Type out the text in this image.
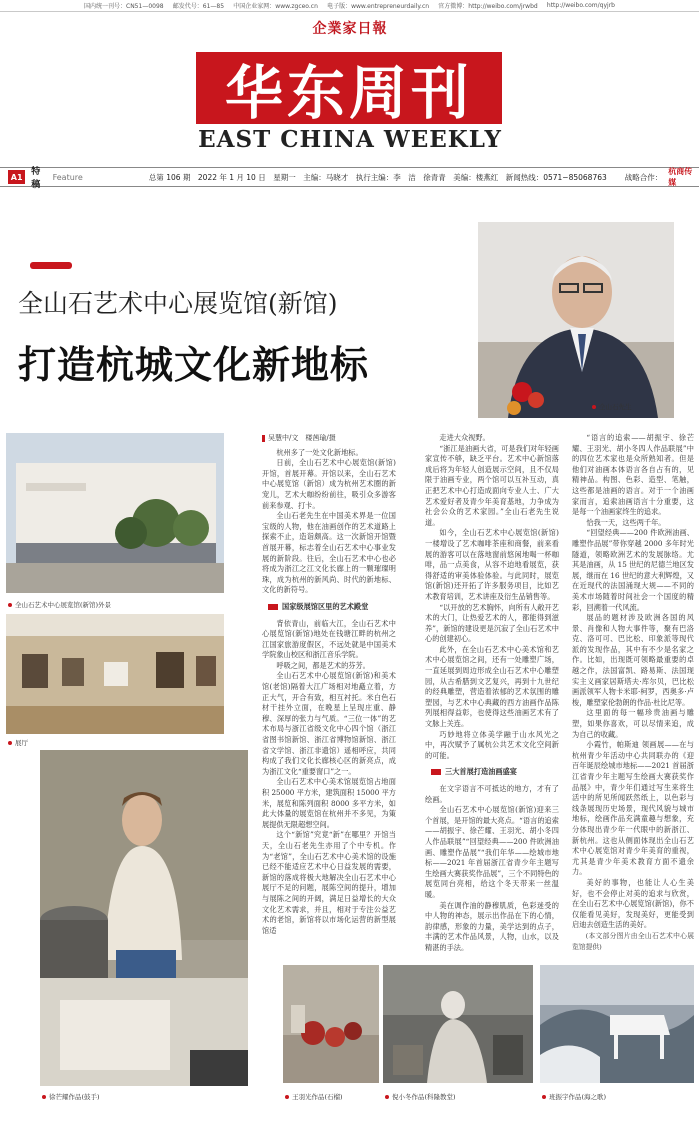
国内统一刊号：CN51—0098 邮发代号：61—85 中国企业家网：www.zgceo.cn 电子版：www.entrepreneurdaily.cn 官方微博：http://weibo.com/jrwbd http://weibo.com/qyjrb
企業家日報
华东周刊
EAST CHINA WEEKLY
A1 特稿
Feature	总第 106 期　2022 年 1 月 10 日　星期一　主编：马晓才　执行主编：李　洁　徐青青　美编：楼燕红　新闻热线：0571−85068763 战略合作：
杭商传媒
全山石艺术中心展览馆(新馆)
打造杭城文化新地标
全山石先生
全山石艺术中心展览馆(新馆)外景
展厅
徐芒耀作品(鼓手)

吴慧中/文　楼茜瑜/摄

杭州多了一处文化新地标。

日前，全山石艺术中心展览馆(新馆)开馆，首展开幕。开馆以来，全山石艺术中心展览馆（新馆）成为杭州艺术圈的新宠儿，艺术大咖纷纷前往，吸引众多游客前来参观、打卡。

全山石老先生在中国美术界是一位国宝级的人物，他在油画创作的艺术道路上探索不止，造诣颇高。这一次新馆开馆暨首展开幕，标志着全山石艺术中心事业发展的新阶段。往后，全山石艺术中心也必将成为浙江之江文化长廊上的一颗璀璨明珠，成为杭州的新风尚、时代的新地标、文化的新符号。

国家级展馆区里的艺术殿堂

背依青山，前临大江，全山石艺术中心展览馆(新馆)地处在钱塘江畔的杭州之江国家旅游度假区，不远处就是中国美术学院象山校区和浙江音乐学院。

呼吸之间，都是艺术的芬芳。

全山石艺术中心展览馆(新馆)和美术馆(老馆)隔着大江广场相对地矗立着，方正大气，开合有致，相互衬托。米白色石材干挂外立面，在晚星上呈现庄重、静穆、深厚的张力与气质。“三位一体”的艺术布局与浙江省级文化中心四个馆（浙江省图书馆新馆、浙江省博物馆新馆、浙江省文学馆、浙江非遗馆）遥相呼应，共同构成了我们文化长廊核心区的新亮点，成为浙江文化“重要窗口”之一。

全山石艺术中心美术馆展览馆占地面积 25000 平方米，建筑面积 15000 平方米，展览和陈列面积 8000 多平方米，如此大体量的展览馆在杭州并不多见，为策展提供无限超想空间。

这个“新馆”究竟“新”在哪里？开馆当天，全山石老先生亦用了个中专机。作为“老馆”，全山石艺术中心美术馆的设施已经不能适应艺术中心日益发展的需要，新馆的落成将极大地解决全山石艺术中心展厅不足的问题，展陈空间的提升，增加与展陈之间的开阔，满足日益增长的大众文化艺术需求，并且，相对于专注公益艺术的老馆，新馆将以市场化运营的新型展馆适

走进大众视野。

“浙江是油画大省，可是我们对年轻画家宣传不够，缺乏平台。艺术中心新馆落成后将为年轻人创造展示空间，且不仅局限于油画专业，两个馆可以互补互动，真正把艺术中心打造成面向专业人士、广大艺术爱好者及青少年美育基地，力争成为社会公众的艺术家园。”全山石老先生说道。

如今，全山石艺术中心展览馆(新馆)一楼增设了艺术咖啡茶座和商餐，前来看展的游客可以在落地窗前悠闲地喝一杯咖啡，品一点美食，从容不迫地看展览，获得舒适的审美体验体验。与此同时，展览馆(新馆)还开拓了许多服务项目，比如艺术教育培训，艺术讲座及衍生品销售等。

“以开放的艺术胸怀，向所有人敞开艺术的大门，让热爱艺术的人，都能得到滋养”，新馆的建设更是沉寂了全山石艺术中心的创建初心。

此外，在全山石艺术中心美术馆和艺术中心展览馆之间，还有一处雕塑广场，一直延展到周边形成全山石艺术中心雕塑园，从古希腊到文艺复兴，再到十九世纪的经典雕塑，营造着浓郁的艺术氛围的雕塑园，与艺术中心典藏的西方油画作品陈列展相得益彰，也使得这些油画艺术有了文脉上关连。

巧妙地将立体美学融于山水风光之中，再次赋予了属杭公共艺术文化空间新的可能。

三大首展打造油画盛宴

在文字语言不可抵达的地方，才有了绘画。

全山石艺术中心展览馆(新馆)迎来三个首展，是开馆的最大亮点。“语言的追索——胡振宇、徐芒耀、王羽光、胡小冬四人作品联展”“回望经典——200 件欧洲油画、雕塑作品展”“我们年华——绘城市地标——2021 年首届浙江省青少年主题写生绘画大赛获奖作品展”，三个不同特色的展览同台亮相，给这个冬天带来一丝温暖。

美在调作油的静穆肌质，色彩迷受的中人物的神态，展示出作品在下的心情，韵律感，形象的力量，美学达到的点子，丰满的艺术作品风景，人物，山水，以及精湛的手法。

“语言的追索——胡振宇、徐芒耀、王羽光、胡小冬四人作品联展”中的四位艺术家也是众所熟知者。但是他们对油画本体语言各自占有的，见精神品。构图、色彩、造型、笔触，这些都是油画的语言。对于一个油画家而言，追索油画语言十分重要，这是每一个油画家终生的追求。

恰我一天，这些两千年。

“回望经典——200 件欧洲油画、雕塑作品展”带你穿越 2000 多年时光隧道，领略欧洲艺术的发展脉络。尤其是油画，从 15 世纪的尼德兰地区发展，继而在 16 世纪的意大利辉煌，又在近现代的法国涌现大规——不同的美术市场随着时间社会一个国度的精彩，回溯着一代风流。

展品的题材涉及欧洲各国的风景、肖像和人物大事件等，聚有巴洛克、洛可可、巴比松、印象派等现代派的发现作品，其中有不少是名家之作。比如，出现既可领略最重要的卓越之作，法国富凯、路易斯、法国现实主义画家居斯塔夫·库尔贝，巴比松画派领军人物卡米耶·柯罗，西奥多·卢梭，雕塑家伦勃朗的作品·杜比尼等。

这里面的每一幅珍贵油画与雕塑，如果你喜欢，可以尽情来追，成为自己的收藏。

小霞竹，帕斯迪 领画展——在与杭州青少年活动中心共同联办的《迎百年诞辰绘城市地标——2021 首届浙江省青少年主题写生绘画大赛获奖作品展》中，青少年们通过写生来将生活中的所见所闻跃然纸上，以色彩与线条展现历史场景，现代风貌与城市地标，绘画作品充满童趣与想象，充分体现出青少年一代眼中的新浙江、新杭州。这也从侧面体现出全山石艺术中心展览馆对青少年美育的重视，尤其是青少年美术教育方面不遗余力。

美好的事物，也能让人心生美好，也不会停止对美的追求与欣赏，在全山石艺术中心展览馆(新馆)，你不仅能看见美好，发现美好，更能受到启迪去创造生活的美好。

(本文部分图片由全山石艺术中心展览馆提供)

王羽光作品(石榴)	倪小冬作品(科隆教堂)	班振宇作品(海之歌)
